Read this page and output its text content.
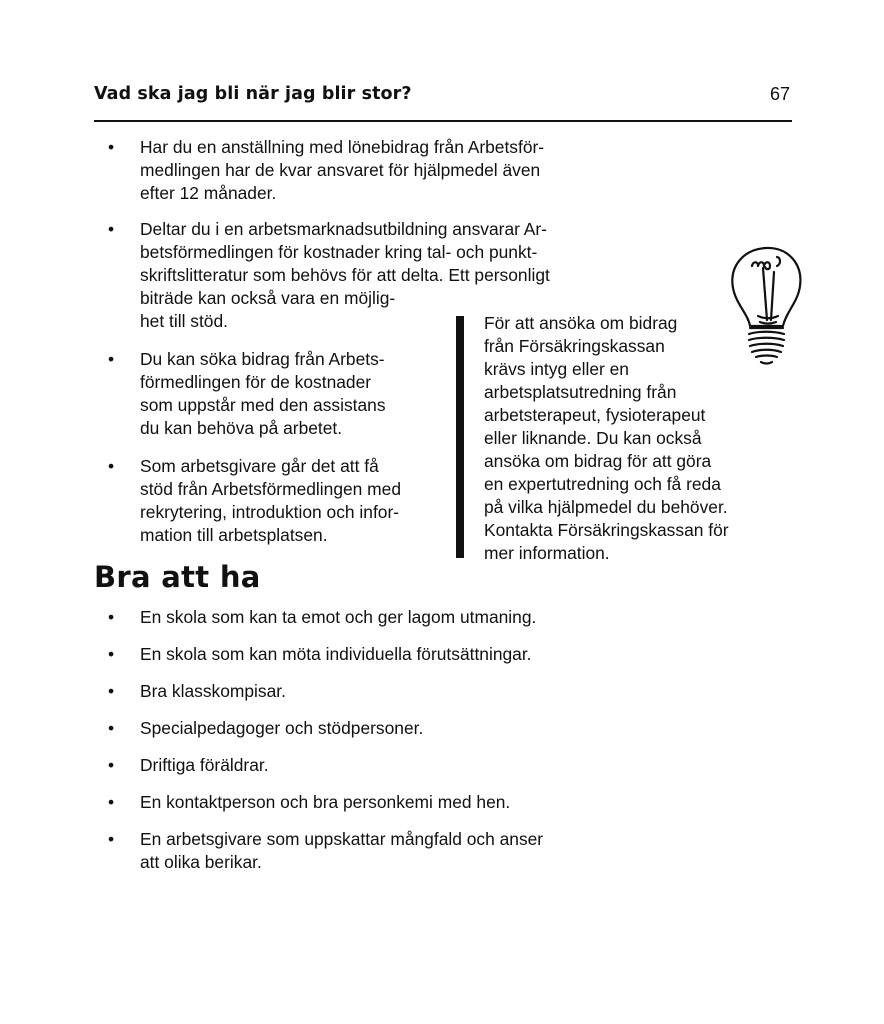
Vad ska jag bli när jag blir stor?	67
• Har du en anställning med lönebidrag från Arbetsför-
medlingen har de kvar ansvaret för hjälpmedel även
efter 12 månader.
• Deltar du i en arbetsmarknadsutbildning ansvarar Ar-
betsförmedlingen för kostnader kring tal- och punkt-
skriftslitteratur som behövs för att delta. Ett personligt
biträde kan också vara en möjlig-
het till stöd.
• Du kan söka bidrag från Arbets-
förmedlingen för de kostnader
som uppstår med den assistans
du kan behöva på arbetet.
• Som arbetsgivare går det att få
stöd från Arbetsförmedlingen med
rekrytering, introduktion och infor-
mation till arbetsplatsen.
För att ansöka om bidrag
från Försäkringskassan
krävs intyg eller en
arbetsplatsutredning från
arbetsterapeut, fysioterapeut
eller liknande. Du kan också
ansöka om bidrag för att göra
en expertutredning och få reda
på vilka hjälpmedel du behöver.
Kontakta Försäkringskassan för
mer information.
Bra att ha
• En skola som kan ta emot och ger lagom utmaning.
• En skola som kan möta individuella förutsättningar.
• Bra klasskompisar.
• Specialpedagoger och stödpersoner.
• Driftiga föräldrar.
• En kontaktperson och bra personkemi med hen.
• En arbetsgivare som uppskattar mångfald och anser
att olika berikar.
